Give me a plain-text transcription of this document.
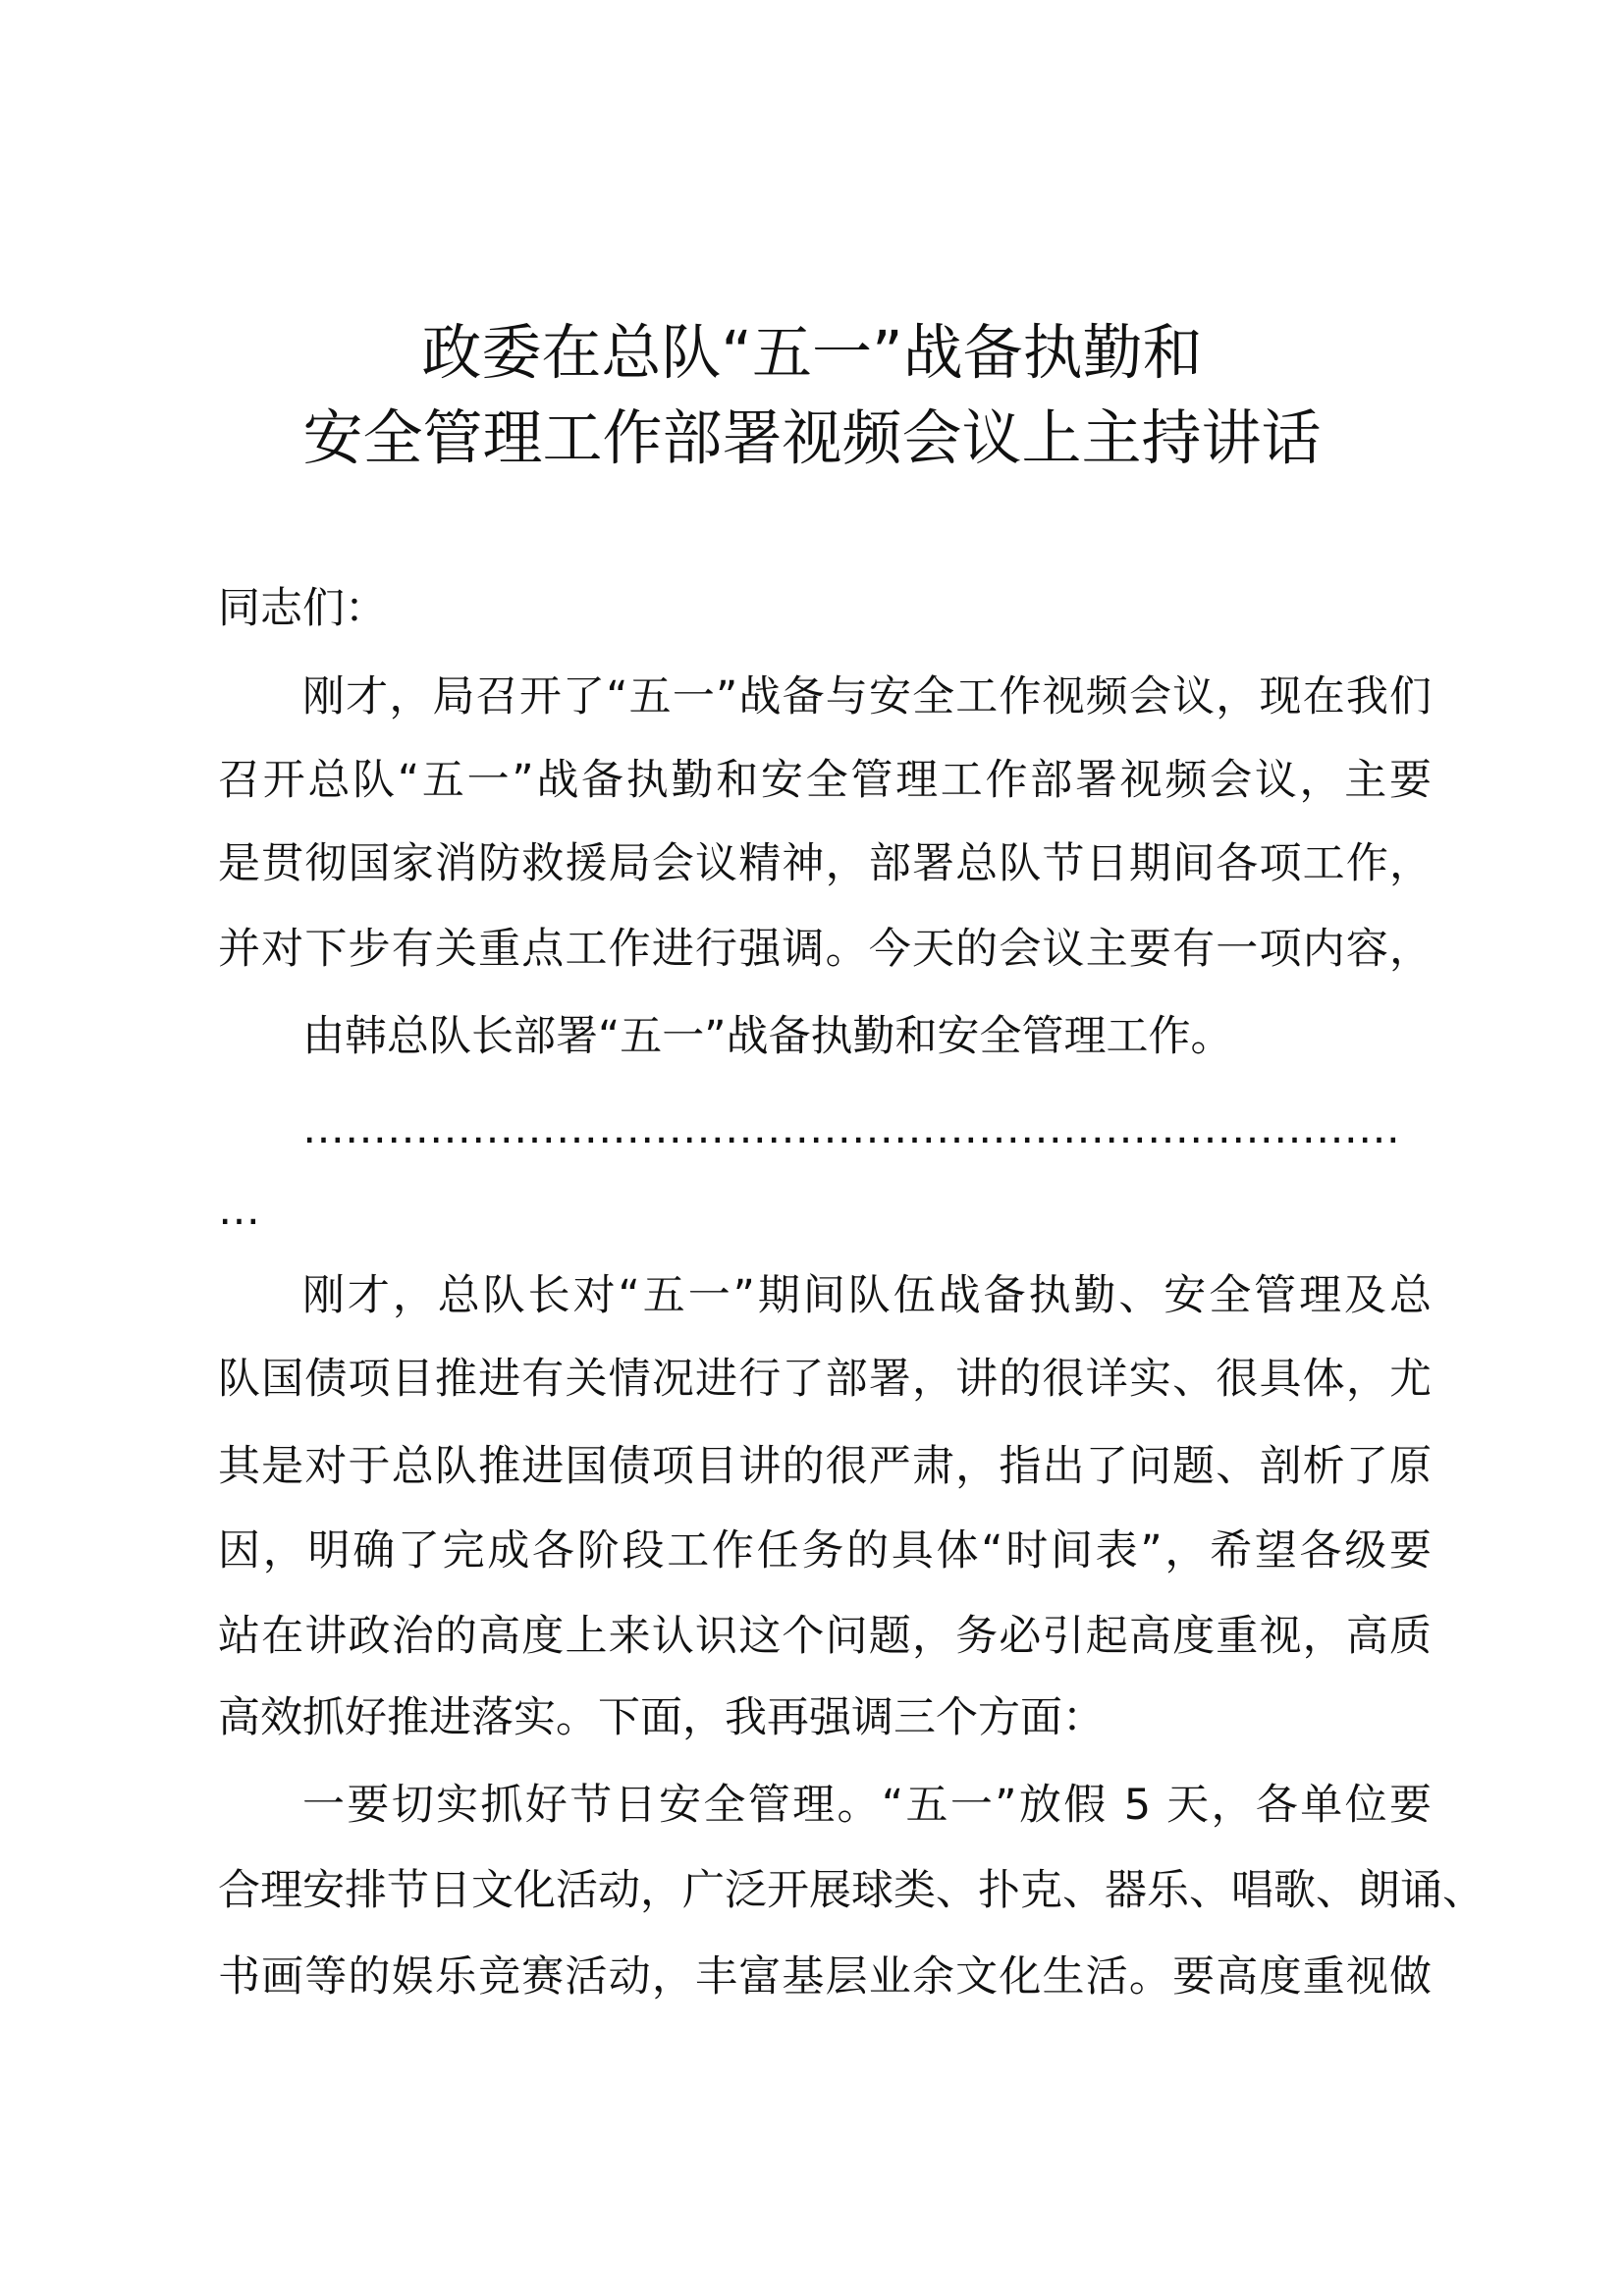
政委在总队“五一”战备执勤和
安全管理工作部署视频会议上主持讲话
同志们：
刚才，局召开了“五一”战备与安全工作视频会议，现在我们
召开总队“五一”战备执勤和安全管理工作部署视频会议，主要
是贯彻国家消防救援局会议精神，部署总队节日期间各项工作，
并对下步有关重点工作进行强调。今天的会议主要有一项内容，
由韩总队长部署“五一”战备执勤和安全管理工作。
……………………………………………………………………
…
刚才，总队长对“五一”期间队伍战备执勤、安全管理及总
队国债项目推进有关情况进行了部署，讲的很详实、很具体，尤
其是对于总队推进国债项目讲的很严肃，指出了问题、剖析了原
因，明确了完成各阶段工作任务的具体“时间表”，希望各级要
站在讲政治的高度上来认识这个问题，务必引起高度重视，高质
高效抓好推进落实。下面，我再强调三个方面：
一要切实抓好节日安全管理。“五一”放假 5 天，各单位要
合理安排节日文化活动，广泛开展球类、扑克、器乐、唱歌、朗诵、
书画等的娱乐竞赛活动，丰富基层业余文化生活。要高度重视做
